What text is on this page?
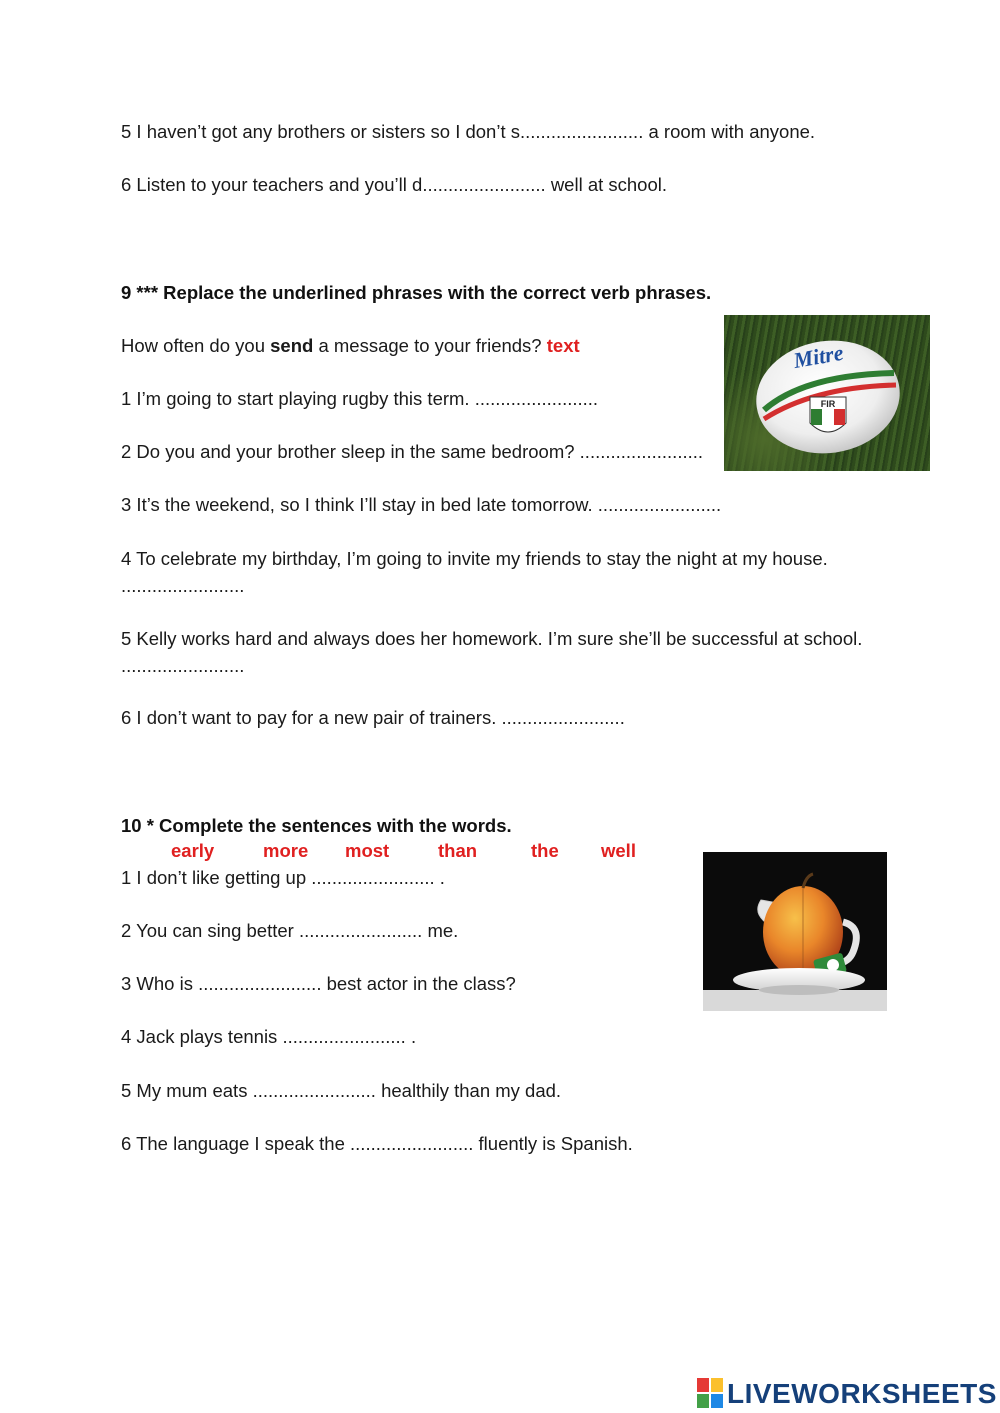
5 I haven’t got any brothers or sisters so I don’t s........................ a room with anyone.
6 Listen to your teachers and you’ll d........................ well at school.
9 *** Replace the underlined phrases with the correct verb phrases.
How often do you send a message to your friends? text
1 I’m going to start playing rugby this term. ........................
2 Do you and your brother sleep in the same bedroom? ........................
3 It’s the weekend, so I think I’ll stay in bed late tomorrow. ........................
4 To celebrate my birthday, I’m going to invite my friends to stay the night at my house. ........................
5 Kelly works hard and always does her homework. I’m sure she’ll be successful at school. ........................
6 I don’t want to pay for a new pair of trainers. ........................
Mitre
FIR
10 * Complete the sentences with the words.
early	more most	than	the well
1 I don’t like getting up ........................ .
2 You can sing better ........................ me.
3 Who is ........................ best actor in the class?
4 Jack plays tennis ........................ .
5 My mum eats ........................ healthily than my dad.
6 The language I speak the ........................ fluently is Spanish.
LIVEWORKSHEETS
